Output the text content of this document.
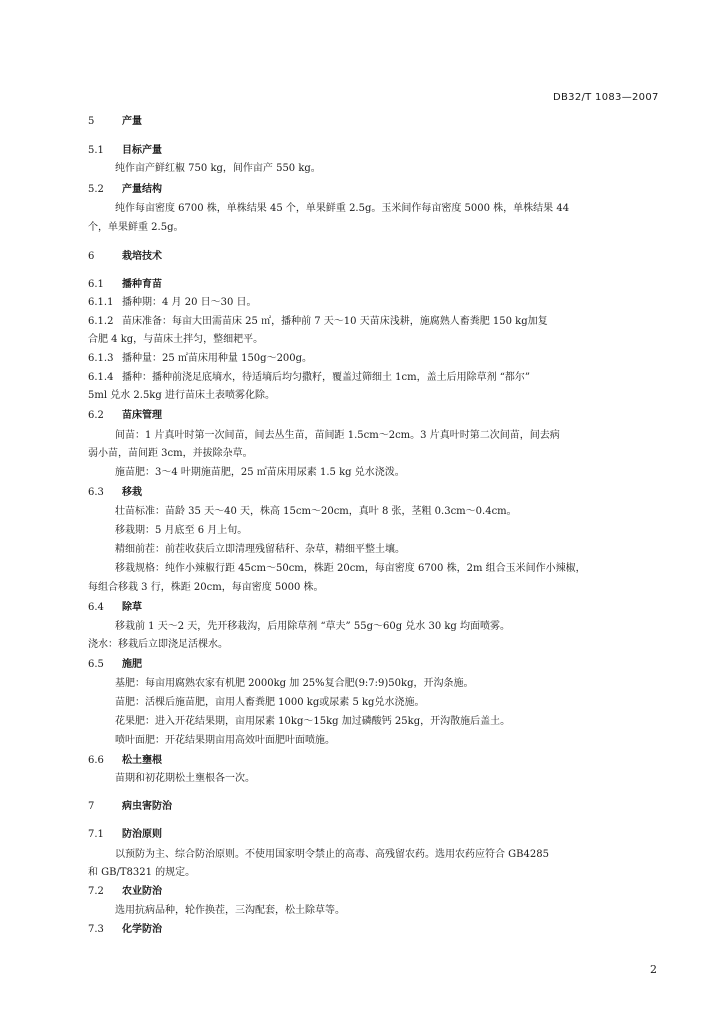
DB32/T 1083—2007
5	产量
5.1 目标产量
纯作亩产鲜红椒 750 kg，间作亩产 550 kg。
5.2 产量结构
纯作每亩密度 6700 株，单株结果 45 个，单果鲜重 2.5g。玉米间作每亩密度 5000 株，单株结果 44
个，单果鲜重 2.5g。
6	栽培技术
6.1 播种育苗
6.1.1 播种期：4 月 20 日～30 日。
6.1.2 苗床准备：每亩大田需苗床 25 ㎡，播种前 7 天～10 天苗床浅耕，施腐熟人畜粪肥 150 kg加复
合肥 4 kg，与苗床土拌匀，整细耙平。
6.1.3 播种量：25 ㎡苗床用种量 150g～200g。
6.1.4 播种：播种前浇足底墒水，待适墒后均匀撒籽，覆盖过筛细土 1cm，盖土后用除草剂 “都尔”
5ml 兑水 2.5kg 进行苗床土表喷雾化除。
6.2 苗床管理
间苗：1 片真叶时第一次间苗，间去丛生苗，苗间距 1.5cm～2cm。3 片真叶时第二次间苗，间去病
弱小苗，苗间距 3cm，并拔除杂草。
施苗肥：3～4 叶期施苗肥，25 ㎡苗床用尿素 1.5 kg 兑水浇泼。
6.3 移栽
壮苗标准：苗龄 35 天～40 天，株高 15cm～20cm，真叶 8 张，茎粗 0.3cm～0.4cm。
移栽期：5 月底至 6 月上旬。
精细前茬：前茬收获后立即清理残留秸秆、杂草，精细平整土壤。
移栽规格：纯作小辣椒行距 45cm～50cm，株距 20cm，每亩密度 6700 株，2m 组合玉米间作小辣椒，
每组合移栽 3 行，株距 20cm，每亩密度 5000 株。
6.4 除草
移栽前 1 天～2 天，先开移栽沟，后用除草剂 “草夫” 55g～60g 兑水 30 kg 均面喷雾。
浇水：移栽后立即浇足活棵水。
6.5 施肥
基肥：每亩用腐熟农家有机肥 2000kg 加 25%复合肥(9:7:9)50kg，开沟条施。
苗肥：活棵后施苗肥，亩用人畜粪肥 1000 kg或尿素 5 kg兑水浇施。
花果肥：进入开花结果期，亩用尿素 10kg～15kg 加过磷酸钙 25kg，开沟散施后盖土。
喷叶面肥：开花结果期亩用高效叶面肥叶面喷施。
6.6 松土壅根
苗期和初花期松土壅根各一次。
7	病虫害防治
7.1 防治原则
以预防为主、综合防治原则。不使用国家明令禁止的高毒、高残留农药。选用农药应符合 GB4285
和 GB/T8321 的规定。
7.2 农业防治
选用抗病品种，轮作换茬，三沟配套，松土除草等。
7.3 化学防治
2
